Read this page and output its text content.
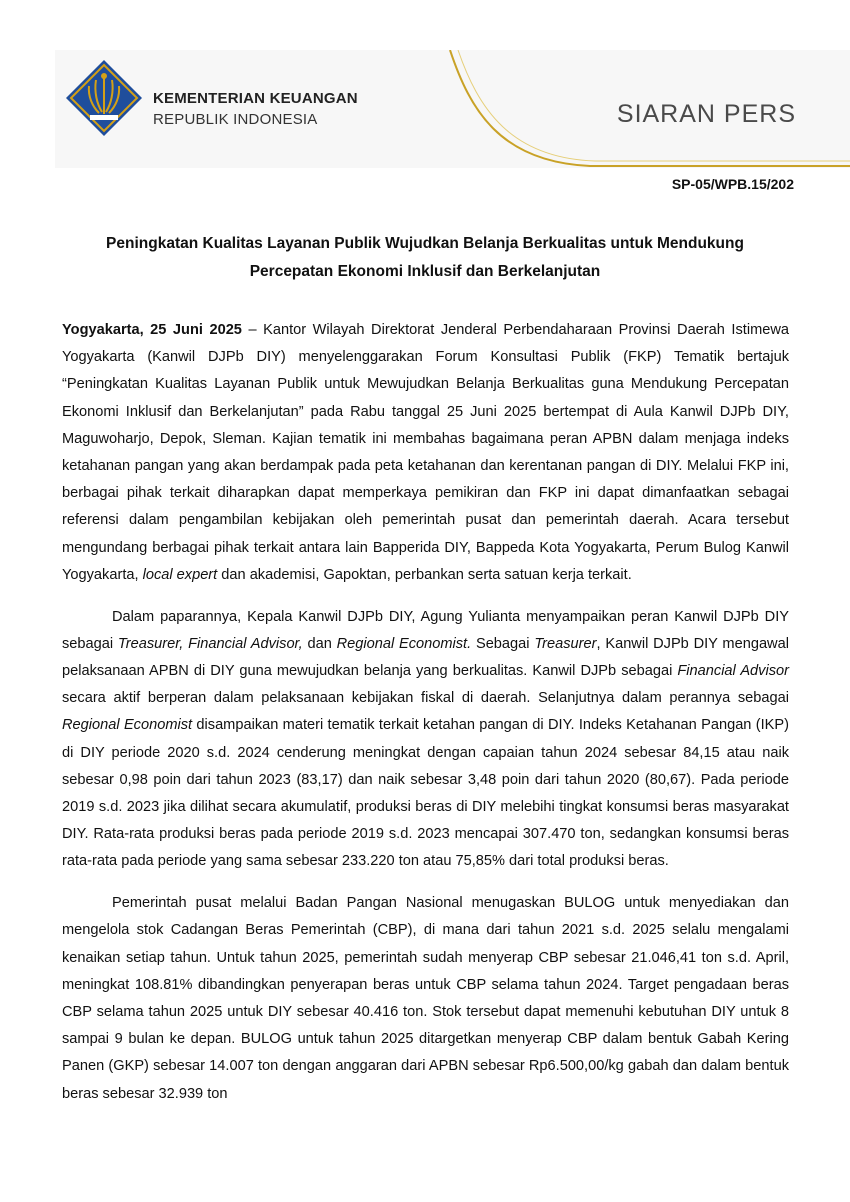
KEMENTERIAN KEUANGAN
REPUBLIK INDONESIA	SIARAN PERS
SP-05/WPB.15/202
Peningkatan Kualitas Layanan Publik Wujudkan Belanja Berkualitas untuk Mendukung
Percepatan Ekonomi Inklusif dan Berkelanjutan

Yogyakarta, 25 Juni 2025 – Kantor Wilayah Direktorat Jenderal Perbendaharaan Provinsi Daerah Istimewa Yogyakarta (Kanwil DJPb DIY) menyelenggarakan Forum Konsultasi Publik (FKP) Tematik bertajuk “Peningkatan Kualitas Layanan Publik untuk Mewujudkan Belanja Berkualitas guna Mendukung Percepatan Ekonomi Inklusif dan Berkelanjutan” pada Rabu tanggal 25 Juni 2025 bertempat di Aula Kanwil DJPb DIY, Maguwoharjo, Depok, Sleman. Kajian tematik ini membahas bagaimana peran APBN dalam menjaga indeks ketahanan pangan yang akan berdampak pada peta ketahanan dan kerentanan pangan di DIY. Melalui FKP ini, berbagai pihak terkait diharapkan dapat memperkaya pemikiran dan FKP ini dapat dimanfaatkan sebagai referensi dalam pengambilan kebijakan oleh pemerintah pusat dan pemerintah daerah. Acara tersebut mengundang berbagai pihak terkait antara lain Bapperida DIY, Bappeda Kota Yogyakarta, Perum Bulog Kanwil Yogyakarta, local expert dan akademisi, Gapoktan, perbankan serta satuan kerja terkait.

Dalam paparannya, Kepala Kanwil DJPb DIY, Agung Yulianta menyampaikan peran Kanwil DJPb DIY sebagai Treasurer, Financial Advisor, dan Regional Economist. Sebagai Treasurer, Kanwil DJPb DIY mengawal pelaksanaan APBN di DIY guna mewujudkan belanja yang berkualitas. Kanwil DJPb sebagai Financial Advisor secara aktif berperan dalam pelaksanaan kebijakan fiskal di daerah. Selanjutnya dalam perannya sebagai Regional Economist disampaikan materi tematik terkait ketahan pangan di DIY. Indeks Ketahanan Pangan (IKP) di DIY periode 2020 s.d. 2024 cenderung meningkat dengan capaian tahun 2024 sebesar 84,15 atau naik sebesar 0,98 poin dari tahun 2023 (83,17) dan naik sebesar 3,48 poin dari tahun 2020 (80,67). Pada periode 2019 s.d. 2023 jika dilihat secara akumulatif, produksi beras di DIY melebihi tingkat konsumsi beras masyarakat DIY. Rata-rata produksi beras pada periode 2019 s.d. 2023 mencapai 307.470 ton, sedangkan konsumsi beras rata-rata pada periode yang sama sebesar 233.220 ton atau 75,85% dari total produksi beras.

Pemerintah pusat melalui Badan Pangan Nasional menugaskan BULOG untuk menyediakan dan mengelola stok Cadangan Beras Pemerintah (CBP), di mana dari tahun 2021 s.d. 2025 selalu mengalami kenaikan setiap tahun. Untuk tahun 2025, pemerintah sudah menyerap CBP sebesar 21.046,41 ton s.d. April, meningkat 108.81% dibandingkan penyerapan beras untuk CBP selama tahun 2024. Target pengadaan beras CBP selama tahun 2025 untuk DIY sebesar 40.416 ton. Stok tersebut dapat memenuhi kebutuhan DIY untuk 8 sampai 9 bulan ke depan. BULOG untuk tahun 2025 ditargetkan menyerap CBP dalam bentuk Gabah Kering Panen (GKP) sebesar 14.007 ton dengan anggaran dari APBN sebesar Rp6.500,00/kg gabah dan dalam bentuk beras sebesar 32.939 ton
